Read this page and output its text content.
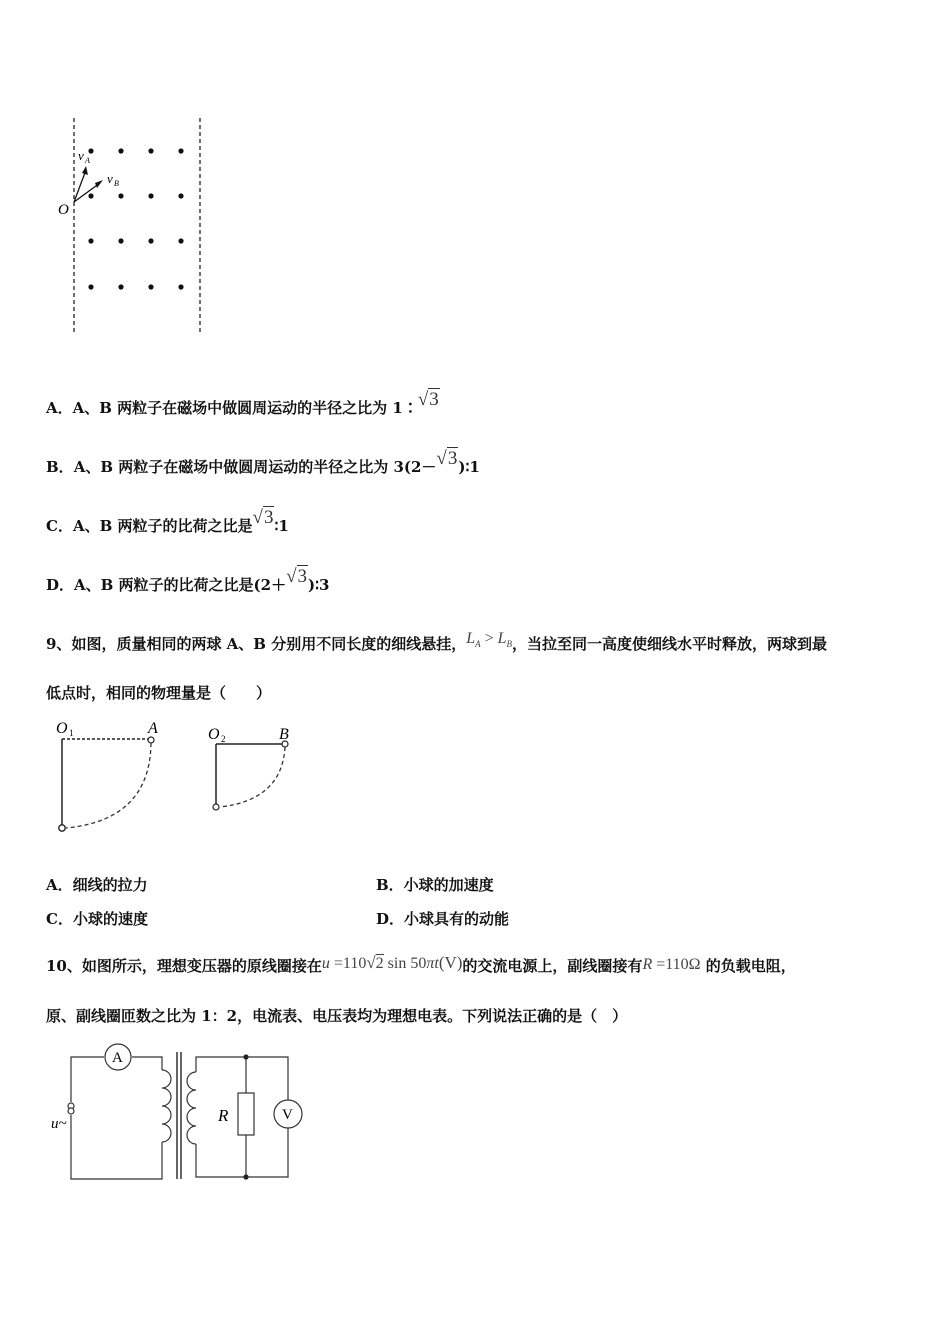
O
v A
v B
A．A、B 两粒子在磁场中做圆周运动的半径之比为 1∶√3
B．A、B 两粒子在磁场中做圆周运动的半径之比为 3(2－√3)∶1
C．A、B 两粒子的比荷之比是√3∶1
D．A、B 两粒子的比荷之比是(2＋√3)∶3
9、如图，质量相同的两球 A、B 分别用不同长度的细线悬挂，$L_A > L_B$，当拉至同一高度使细线水平时释放，两球到最
低点时，相同的物理量是（　　）
O 1	A	O 2	B
A．细线的拉力	B．小球的加速度
C．小球的速度	D．小球具有的动能
10、如图所示，理想变压器的原线圈接在u =110√2 sin 50πt(V)的交流电源上，副线圈接有R =110Ω 的负载电阻，
原、副线圈匝数之比为 1：2，电流表、电压表均为理想电表。下列说法正确的是（　）
A
V
R
u~
